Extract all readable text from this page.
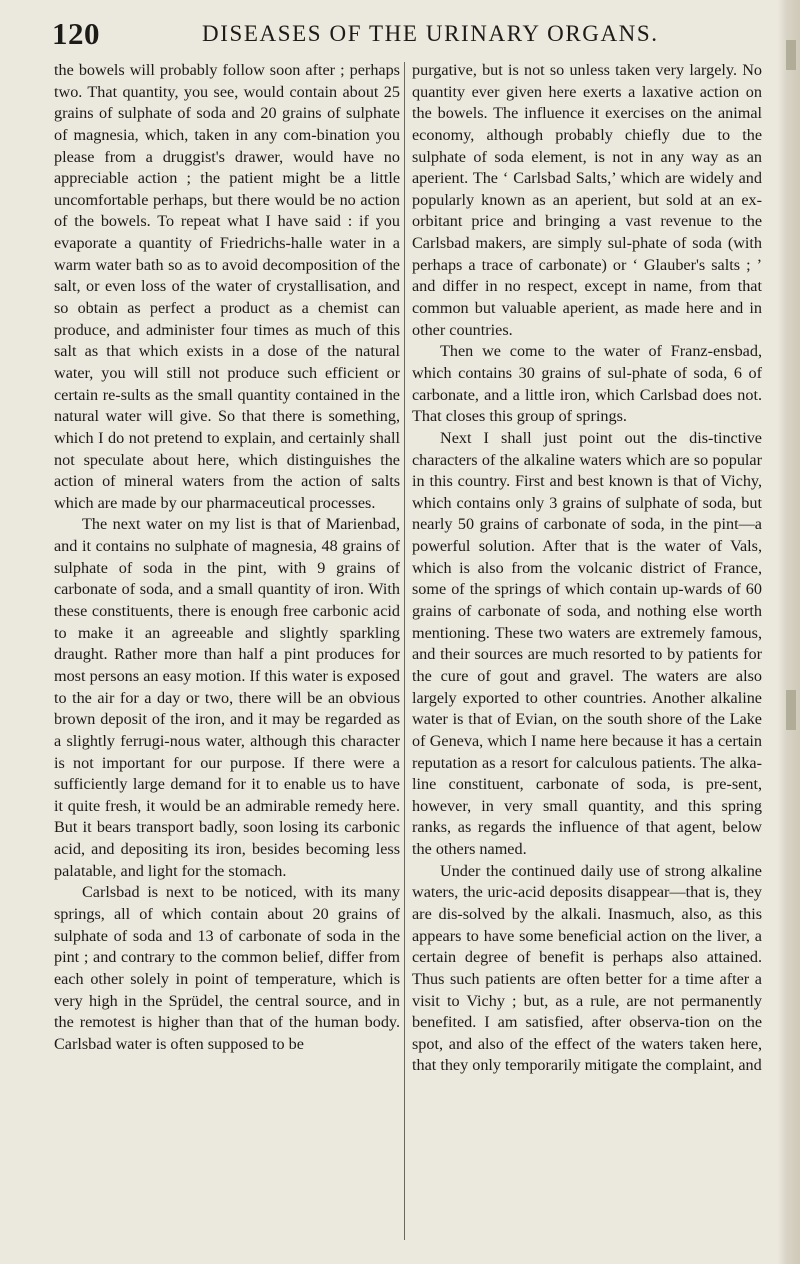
120	DISEASES OF THE URINARY ORGANS.

the bowels will probably follow soon after ; perhaps two. That quantity, you see, would contain about 25 grains of sulphate of soda and 20 grains of sulphate of magnesia, which, taken in any com-bination you please from a druggist's drawer, would have no appreciable action ; the patient might be a little uncomfortable perhaps, but there would be no action of the bowels. To repeat what I have said : if you evaporate a quantity of Friedrichs-halle water in a warm water bath so as to avoid decomposition of the salt, or even loss of the water of crystallisation, and so obtain as perfect a product as a chemist can produce, and administer four times as much of this salt as that which exists in a dose of the natural water, you will still not produce such efficient or certain re-sults as the small quantity contained in the natural water will give. So that there is something, which I do not pretend to explain, and certainly shall not speculate about here, which distinguishes the action of mineral waters from the action of salts which are made by our pharmaceutical processes.

The next water on my list is that of Marienbad, and it contains no sulphate of magnesia, 48 grains of sulphate of soda in the pint, with 9 grains of carbonate of soda, and a small quantity of iron. With these constituents, there is enough free carbonic acid to make it an agreeable and slightly sparkling draught. Rather more than half a pint produces for most persons an easy motion. If this water is exposed to the air for a day or two, there will be an obvious brown deposit of the iron, and it may be regarded as a slightly ferrugi-nous water, although this character is not important for our purpose. If there were a sufficiently large demand for it to enable us to have it quite fresh, it would be an admirable remedy here. But it bears transport badly, soon losing its carbonic acid, and depositing its iron, besides becoming less palatable, and light for the stomach.

Carlsbad is next to be noticed, with its many springs, all of which contain about 20 grains of sulphate of soda and 13 of carbonate of soda in the pint ; and contrary to the common belief, differ from each other solely in point of temperature, which is very high in the Sprüdel, the central source, and in the remotest is higher than that of the human body. Carlsbad water is often supposed to be

purgative, but is not so unless taken very largely. No quantity ever given here exerts a laxative action on the bowels. The influence it exercises on the animal economy, although probably chiefly due to the sulphate of soda element, is not in any way as an aperient. The ‘ Carlsbad Salts,’ which are widely and popularly known as an aperient, but sold at an ex-orbitant price and bringing a vast revenue to the Carlsbad makers, are simply sul-phate of soda (with perhaps a trace of carbonate) or ‘ Glauber's salts ; ’ and differ in no respect, except in name, from that common but valuable aperient, as made here and in other countries.

Then we come to the water of Franz-ensbad, which contains 30 grains of sul-phate of soda, 6 of carbonate, and a little iron, which Carlsbad does not. That closes this group of springs.

Next I shall just point out the dis-tinctive characters of the alkaline waters which are so popular in this country. First and best known is that of Vichy, which contains only 3 grains of sulphate of soda, but nearly 50 grains of carbonate of soda, in the pint—a powerful solution. After that is the water of Vals, which is also from the volcanic district of France, some of the springs of which contain up-wards of 60 grains of carbonate of soda, and nothing else worth mentioning. These two waters are extremely famous, and their sources are much resorted to by patients for the cure of gout and gravel. The waters are also largely exported to other countries. Another alkaline water is that of Evian, on the south shore of the Lake of Geneva, which I name here because it has a certain reputation as a resort for calculous patients. The alka-line constituent, carbonate of soda, is pre-sent, however, in very small quantity, and this spring ranks, as regards the influence of that agent, below the others named.

Under the continued daily use of strong alkaline waters, the uric-acid deposits disappear—that is, they are dis-solved by the alkali. Inasmuch, also, as this appears to have some beneficial action on the liver, a certain degree of benefit is perhaps also attained. Thus such patients are often better for a time after a visit to Vichy ; but, as a rule, are not permanently benefited. I am satisfied, after observa-tion on the spot, and also of the effect of the waters taken here, that they only temporarily mitigate the complaint, and
